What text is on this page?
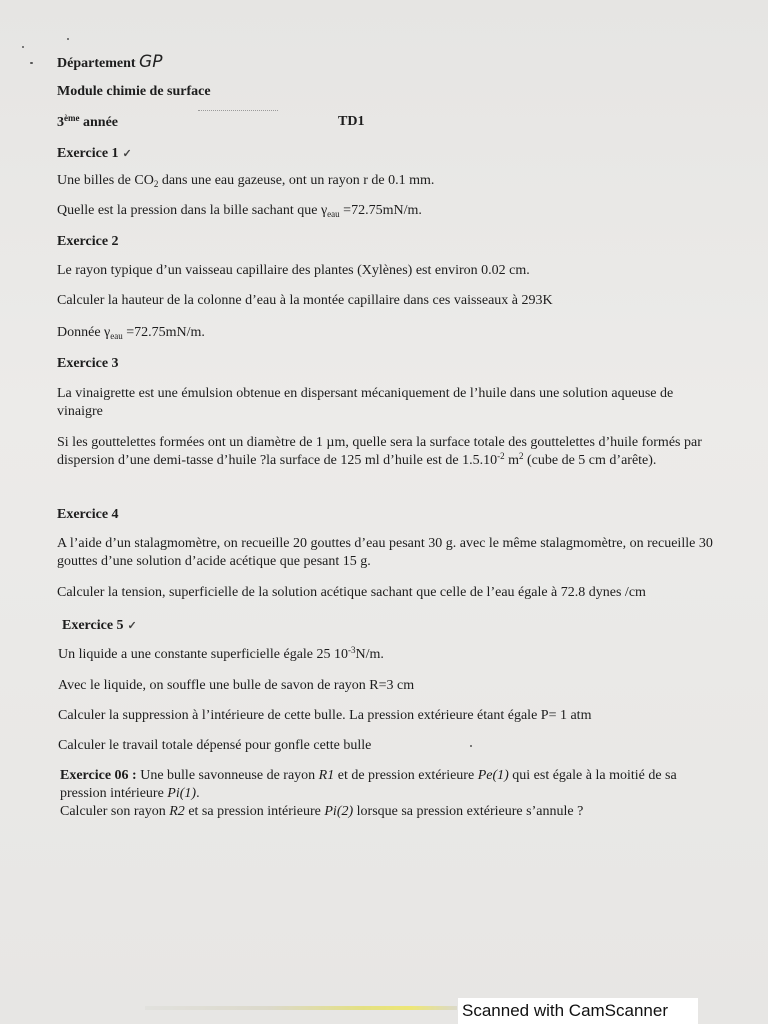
Département GP
Module chimie de surface
3ème année	TD1
Exercice 1 ✓
Une billes de $CO_2$ dans une eau gazeuse, ont un rayon r de 0.1 mm.
Quelle est la pression dans la bille sachant que $\gamma_{eau} =72.75mN/m$.
Exercice 2
Le rayon typique d’un vaisseau capillaire des plantes (Xylènes) est environ 0.02 cm.
Calculer la hauteur de la colonne d’eau à la montée capillaire dans ces vaisseaux à 293K
Donnée $\gamma_{eau} =72.75mN/m$.
Exercice 3
La vinaigrette est une émulsion obtenue en dispersant mécaniquement de l’huile dans une solution aqueuse de vinaigre
Si les gouttelettes formées ont un diamètre de 1 µm, quelle sera la surface totale des gouttelettes d’huile formés par dispersion d’une demi-tasse d’huile ?la surface de 125 ml d’huile est de $1.5.10^{-2}$ $m^2$ (cube de 5 cm d’arête).
Exercice 4
A l’aide d’un stalagmomètre, on recueille 20 gouttes d’eau pesant 30 g. avec le même stalagmomètre, on recueille 30 gouttes d’une solution d’acide acétique que pesant 15 g.
Calculer la tension, superficielle de la solution acétique sachant que celle de l’eau égale à 72.8 dynes /cm
Exercice 5 ✓
Un liquide a une constante superficielle égale 25 $10^{-3}N/m$.
Avec le liquide, on souffle une bulle de savon de rayon R=3 cm
Calculer la suppression à l’intérieure de cette bulle. La pression extérieure étant égale P= 1 atm
Calculer le travail totale dépensé pour gonfle cette bulle
Exercice 06 : Une bulle savonneuse de rayon R1 et de pression extérieure Pe(1) qui est égale à la moitié de sa pression intérieure Pi(1).
Calculer son rayon R2 et sa pression intérieure Pi(2) lorsque sa pression extérieure s’annule ?
Scanned with CamScanner
